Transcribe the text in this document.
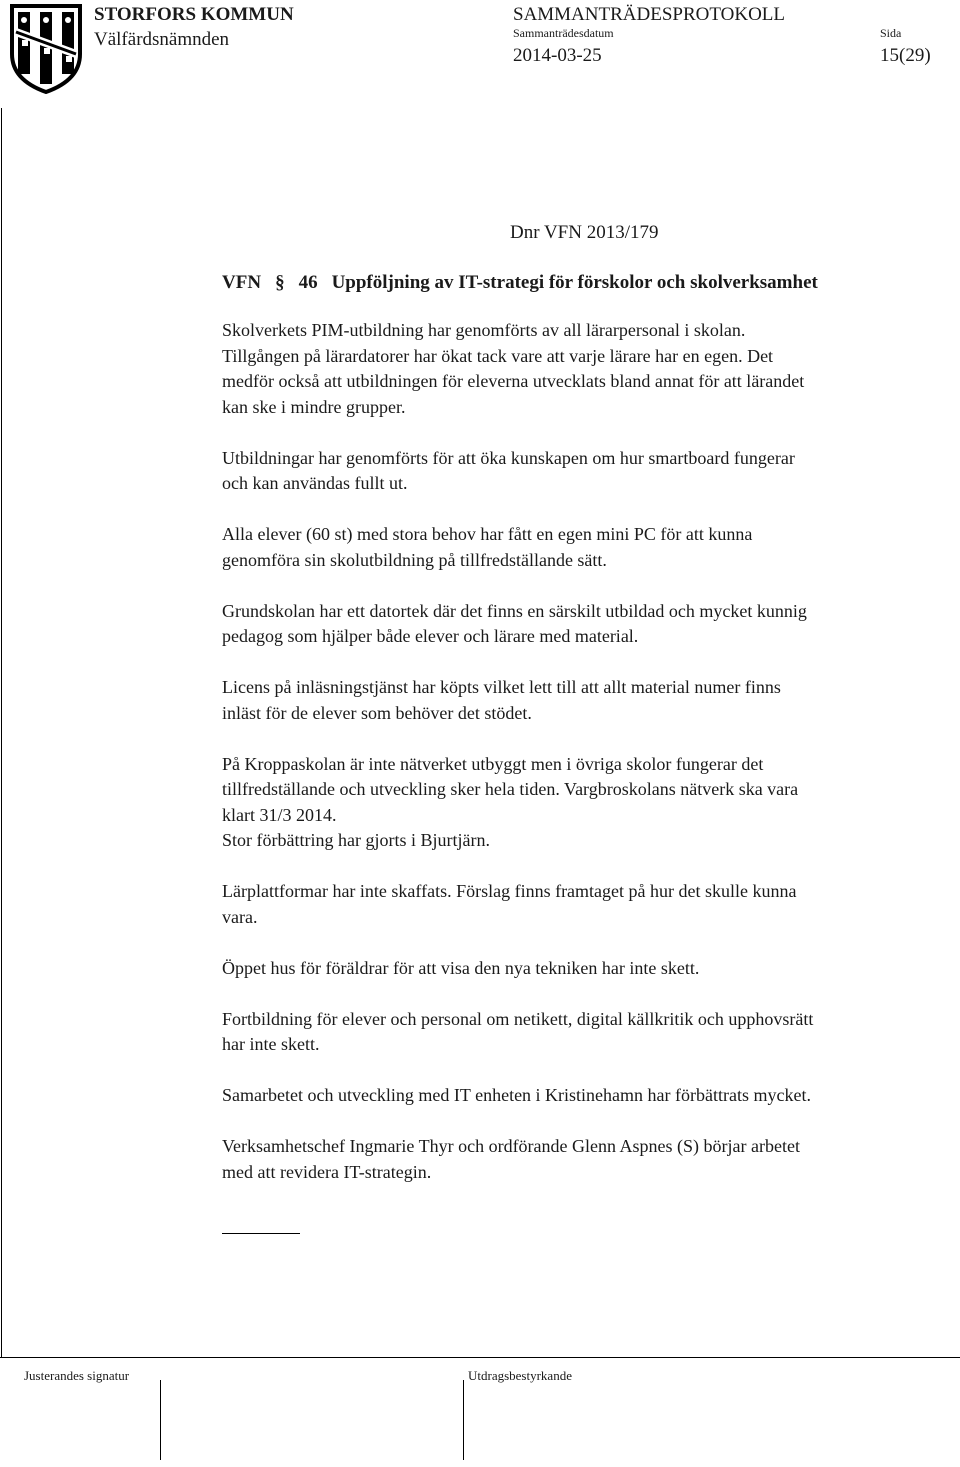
STORFORS KOMMUN
Välfärdsnämnden
SAMMANTRÄDESPROTOKOLL
Sammanträdesdatum	Sida
2014-03-25	15(29)
Dnr VFN 2013/179
VFN § 46 Uppföljning av IT-strategi för förskolor och skolverksamhet
Skolverkets PIM-utbildning har genomförts av all lärarpersonal i skolan.
Tillgången på lärardatorer har ökat tack vare att varje lärare har en egen. Det
medför också att utbildningen för eleverna utvecklats bland annat för att lärandet
kan ske i mindre grupper.
Utbildningar har genomförts för att öka kunskapen om hur smartboard fungerar
och kan användas fullt ut.
Alla elever (60 st) med stora behov har fått en egen mini PC för att kunna
genomföra sin skolutbildning på tillfredställande sätt.
Grundskolan har ett datortek där det finns en särskilt utbildad och mycket kunnig
pedagog som hjälper både elever och lärare med material.
Licens på inläsningstjänst har köpts vilket lett till att allt material numer finns
inläst för de elever som behöver det stödet.
På Kroppaskolan är inte nätverket utbyggt men i övriga skolor fungerar det
tillfredställande och utveckling sker hela tiden. Vargbroskolans nätverk ska vara
klart 31/3 2014.
Stor förbättring har gjorts i Bjurtjärn.
Lärplattformar har inte skaffats. Förslag finns framtaget på hur det skulle kunna
vara.
Öppet hus för föräldrar för att visa den nya tekniken har inte skett.
Fortbildning för elever och personal om netikett, digital källkritik och upphovsrätt
har inte skett.
Samarbetet och utveckling med IT enheten i Kristinehamn har förbättrats mycket.
Verksamhetschef Ingmarie Thyr och ordförande Glenn Aspnes (S) börjar arbetet
med att revidera IT-strategin.
Justerandes signatur	Utdragsbestyrkande
